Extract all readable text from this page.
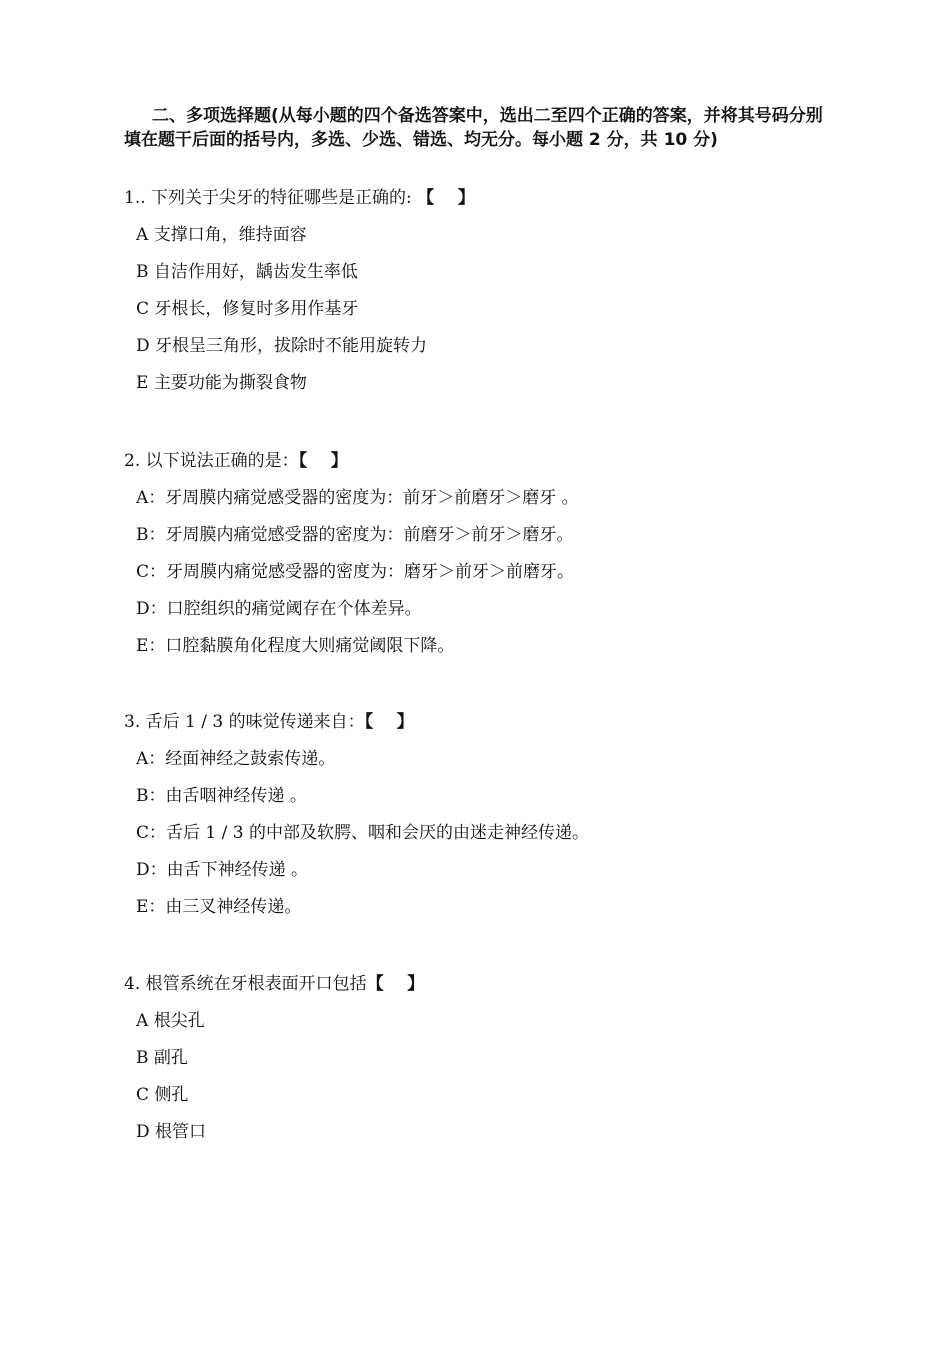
二、多项选择题(从每小题的四个备选答案中，选出二至四个正确的答案，并将其号码分别填在题干后面的括号内，多选、少选、错选、均无分。每小题 2 分，共 10 分)

1.. 下列关于尖牙的特征哪些是正确的: 【    】

A 支撑口角，维持面容
B 自洁作用好，龋齿发生率低
C 牙根长，修复时多用作基牙
D 牙根呈三角形，拔除时不能用旋转力
E 主要功能为撕裂食物

2. 以下说法正确的是：【    】

A：牙周膜内痛觉感受器的密度为：前牙＞前磨牙＞磨牙 。
B：牙周膜内痛觉感受器的密度为：前磨牙＞前牙＞磨牙。
C：牙周膜内痛觉感受器的密度为：磨牙＞前牙＞前磨牙。
D：口腔组织的痛觉阈存在个体差异。
E：口腔黏膜角化程度大则痛觉阈限下降。

3. 舌后 1 / 3 的味觉传递来自：【    】

A：经面神经之鼓索传递。
B：由舌咽神经传递 。
C：舌后 1 / 3 的中部及软腭、咽和会厌的由迷走神经传递。
D：由舌下神经传递 。
E：由三叉神经传递。

4. 根管系统在牙根表面开口包括【    】

A 根尖孔
B 副孔
C 侧孔
D 根管口
